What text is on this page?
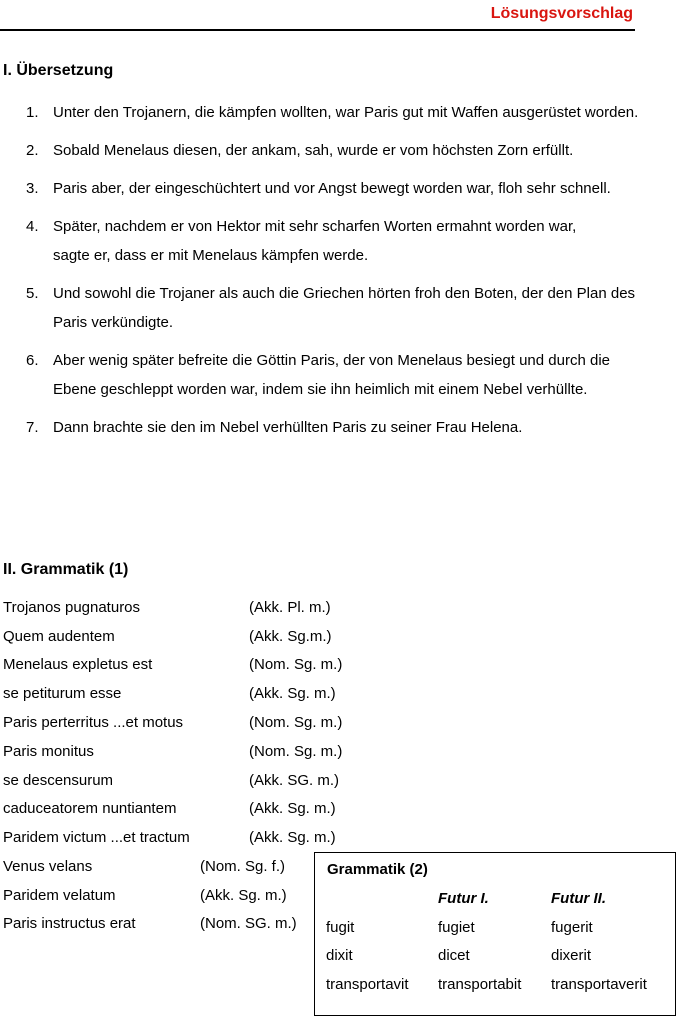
Lösungsvorschlag
I. Übersetzung
1. Unter den Trojanern, die kämpfen wollten, war Paris gut mit Waffen ausgerüstet worden.
2. Sobald Menelaus diesen, der ankam, sah, wurde er vom höchsten Zorn erfüllt.
3. Paris aber, der eingeschüchtert und vor Angst bewegt worden war, floh sehr schnell.
4. Später, nachdem er von Hektor mit sehr scharfen Worten ermahnt worden war, sagte er, dass er mit Menelaus kämpfen werde.
5. Und sowohl die Trojaner als auch die Griechen hörten froh den Boten, der den Plan des Paris verkündigte.
6. Aber wenig später befreite die Göttin Paris, der von Menelaus besiegt und durch die Ebene geschleppt worden war, indem sie ihn heimlich mit einem Nebel verhüllte.
7. Dann brachte sie den im Nebel verhüllten Paris zu seiner Frau Helena.
II. Grammatik (1)
Trojanos pugnaturos	(Akk. Pl. m.)
Quem audentem	(Akk. Sg.m.)
Menelaus expletus est	(Nom. Sg. m.)
se petiturum esse	(Akk. Sg. m.)
Paris perterritus ...et motus	(Nom. Sg. m.)
Paris monitus	(Nom. Sg. m.)
se descensurum	(Akk. SG. m.)
caduceatorem nuntiantem	(Akk. Sg. m.)
Paridem victum ...et tractum	(Akk. Sg. m.)
Venus velans	(Nom. Sg. f.)
Paridem velatum	(Akk. Sg. m.)
Paris instructus erat	(Nom. SG. m.)
Grammatik (2)
	Futur I.	Futur II.
fugit	fugiet	fugerit
dixit	dicet	dixerit
transportavit	transportabit	transportaverit
